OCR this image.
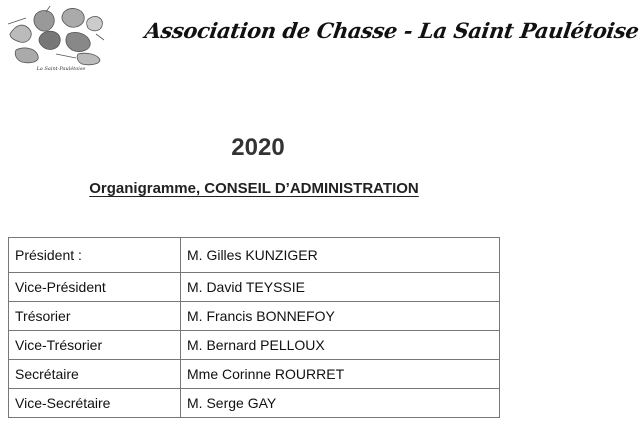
La Saint-Paulétoise
Association de Chasse - La Saint Paulétoise
2020
Organigramme, CONSEIL D’ADMINISTRATION
Président :	M. Gilles KUNZIGER
Vice-Président	M. David TEYSSIE
Trésorier	M. Francis BONNEFOY
Vice-Trésorier	M. Bernard PELLOUX
Secrétaire	Mme Corinne ROURRET
Vice-Secrétaire	M. Serge GAY
